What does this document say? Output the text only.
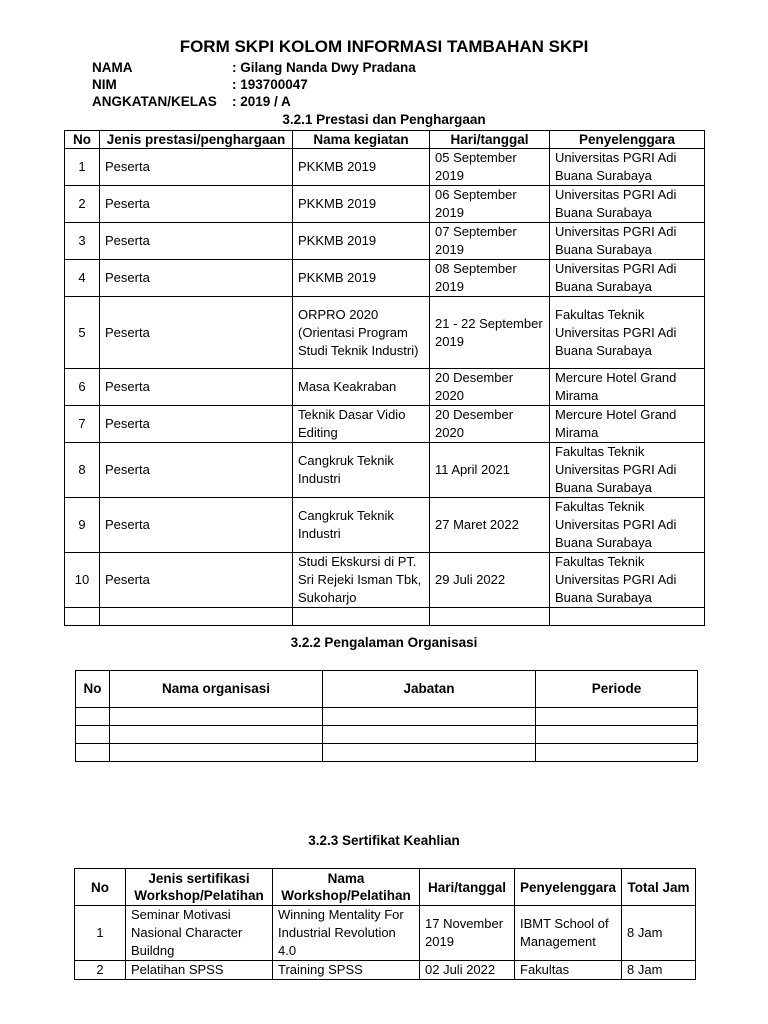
FORM SKPI KOLOM INFORMASI TAMBAHAN SKPI
NAMA	: Gilang Nanda Dwy Pradana
NIM	: 193700047
ANGKATAN/KELAS	: 2019 / A
3.2.1 Prestasi dan Penghargaan
No	Jenis prestasi/penghargaan	Nama kegiatan	Hari/tanggal	Penyelenggara
1	Peserta	PKKMB 2019	05 September 2019	Universitas PGRI Adi Buana Surabaya
2	Peserta	PKKMB 2019	06 September 2019	Universitas PGRI Adi Buana Surabaya
3	Peserta	PKKMB 2019	07 September 2019	Universitas PGRI Adi Buana Surabaya
4	Peserta	PKKMB 2019	08 September 2019	Universitas PGRI Adi Buana Surabaya
5	Peserta	ORPRO 2020 (Orientasi Program Studi Teknik Industri)	21 - 22 September 2019	Fakultas Teknik Universitas PGRI Adi Buana Surabaya
6	Peserta	Masa Keakraban	20 Desember 2020	Mercure Hotel Grand Mirama
7	Peserta	Teknik Dasar Vidio Editing	20 Desember 2020	Mercure Hotel Grand Mirama
8	Peserta	Cangkruk Teknik Industri	11 April 2021	Fakultas Teknik Universitas PGRI Adi Buana Surabaya
9	Peserta	Cangkruk Teknik Industri	27 Maret 2022	Fakultas Teknik Universitas PGRI Adi Buana Surabaya
10	Peserta	Studi Ekskursi di PT. Sri Rejeki Isman Tbk, Sukoharjo	29 Juli 2022	Fakultas Teknik Universitas PGRI Adi Buana Surabaya

3.2.2 Pengalaman Organisasi
No	Nama organisasi	Jabatan	Periode

3.2.3 Sertifikat Keahlian
No	Jenis sertifikasi Workshop/Pelatihan	Nama Workshop/Pelatihan	Hari/tanggal	Penyelenggara	Total Jam
1	Seminar Motivasi Nasional Character Buildng	Winning Mentality For Industrial Revolution 4.0	17 November 2019	IBMT School of Management	8 Jam
2	Pelatihan SPSS	Training SPSS	02 Juli 2022	Fakultas	8 Jam
